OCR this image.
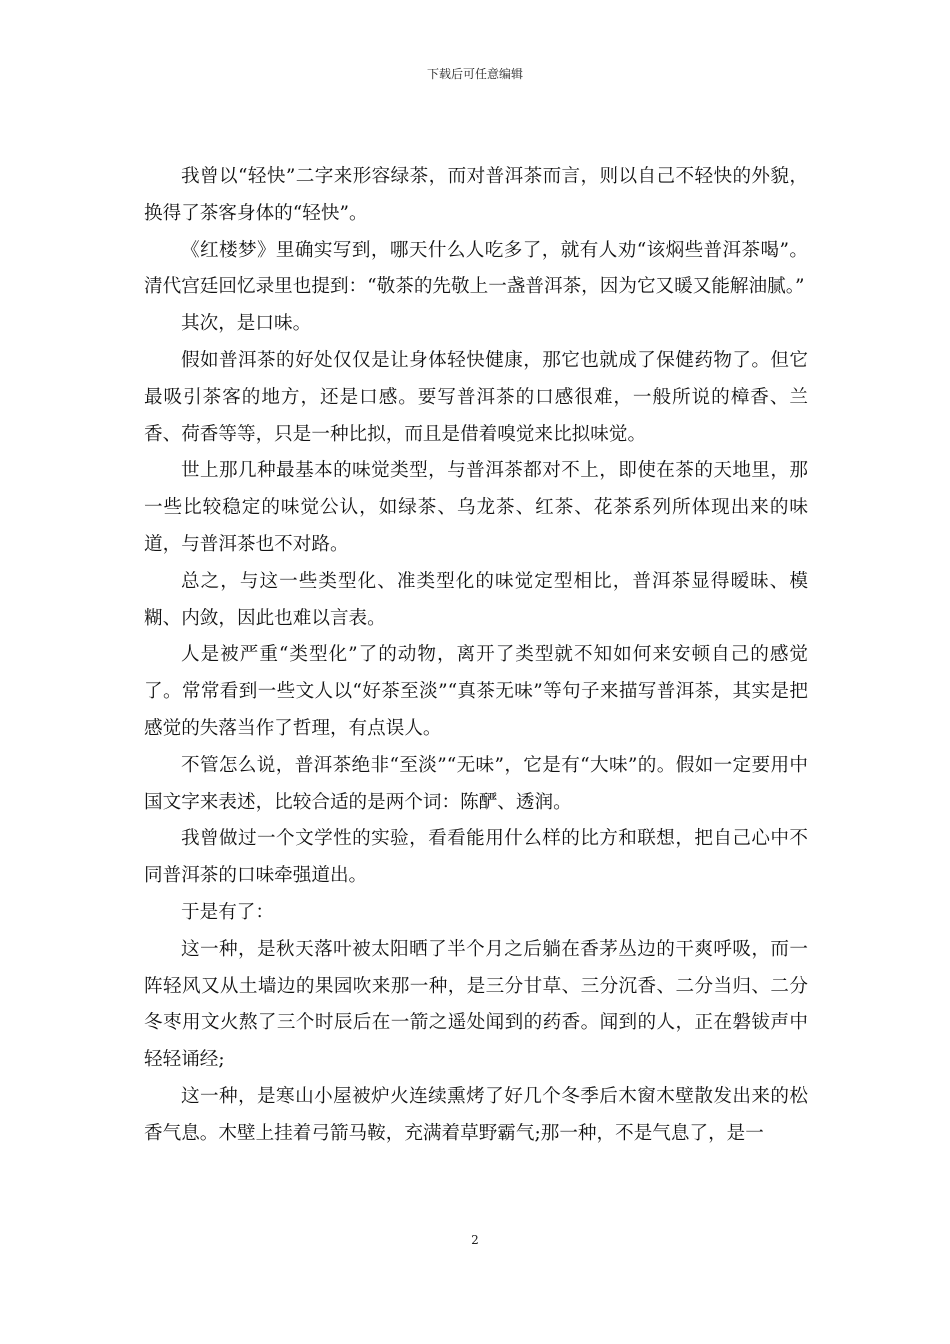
下载后可任意编辑

我曾以“轻快”二字来形容绿茶，而对普洱茶而言，则以自己不轻快的外貌，换得了茶客身体的“轻快”。

《红楼梦》里确实写到，哪天什么人吃多了，就有人劝“该焖些普洱茶喝”。清代宫廷回忆录里也提到：“敬茶的先敬上一盏普洱茶，因为它又暖又能解油腻。”

其次，是口味。

假如普洱茶的好处仅仅是让身体轻快健康，那它也就成了保健药物了。但它最吸引茶客的地方，还是口感。要写普洱茶的口感很难，一般所说的樟香、兰香、荷香等等，只是一种比拟，而且是借着嗅觉来比拟味觉。

世上那几种最基本的味觉类型，与普洱茶都对不上，即使在茶的天地里，那一些比较稳定的味觉公认，如绿茶、乌龙茶、红茶、花茶系列所体现出来的味道，与普洱茶也不对路。

总之，与这一些类型化、准类型化的味觉定型相比，普洱茶显得暧昧、模糊、内敛，因此也难以言表。

人是被严重“类型化”了的动物，离开了类型就不知如何来安顿自己的感觉了。常常看到一些文人以“好茶至淡”“真茶无味”等句子来描写普洱茶，其实是把感觉的失落当作了哲理，有点误人。

不管怎么说，普洱茶绝非“至淡”“无味”，它是有“大味”的。假如一定要用中国文字来表述，比较合适的是两个词：陈酽、透润。

我曾做过一个文学性的实验，看看能用什么样的比方和联想，把自己心中不同普洱茶的口味牵强道出。

于是有了：

这一种，是秋天落叶被太阳晒了半个月之后躺在香茅丛边的干爽呼吸，而一阵轻风又从土墙边的果园吹来那一种，是三分甘草、三分沉香、二分当归、二分冬枣用文火熬了三个时辰后在一箭之遥处闻到的药香。闻到的人，正在磐钹声中轻轻诵经;

这一种，是寒山小屋被炉火连续熏烤了好几个冬季后木窗木壁散发出来的松香气息。木壁上挂着弓箭马鞍，充满着草野霸气;那一种，不是气息了，是一

2
